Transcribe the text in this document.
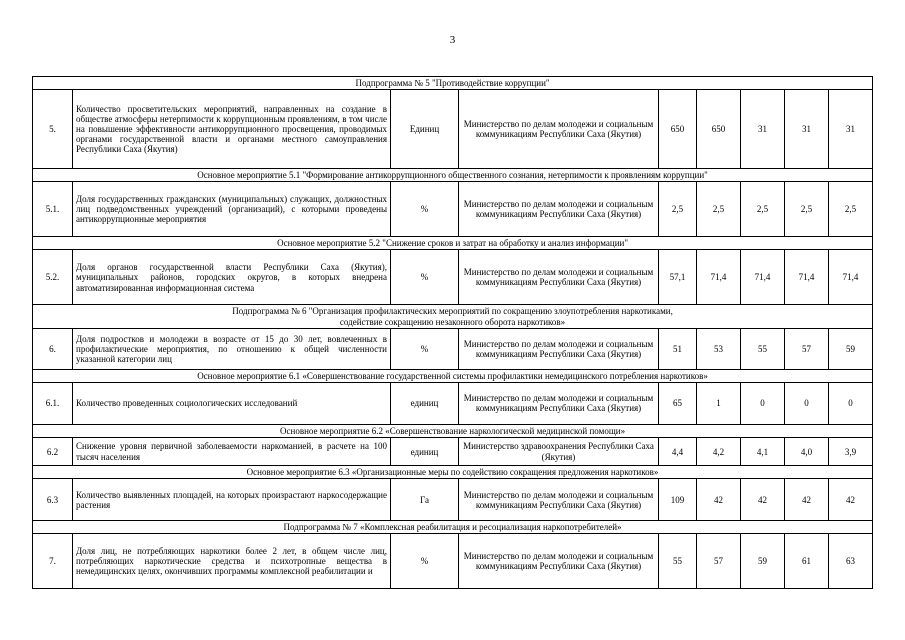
3
Подпрограмма № 5 "Противодействие коррупции"								
5.	Количество просветительских мероприятий, направленных на создание в обществе атмосферы нетерпимости к коррупционным проявлениям, в том числе на повышение эффективности антикоррупционного просвещения, проводимых органами государственной власти и органами местного самоуправления Республики Саха (Якутия)	Единиц	Министерство по делам молодежи и социальным коммуникациям Республики Саха (Якутия)	650	650	31	31	31
Основное мероприятие 5.1 "Формирование антикоррупционного общественного сознания, нетерпимости к проявлениям коррупции"								
5.1.	Доля государственных гражданских (муниципальных) служащих, должностных лиц подведомственных учреждений (организаций), с которыми проведены антикоррупционные мероприятия	%	Министерство по делам молодежи и социальным коммуникациям Республики Саха (Якутия)	2,5	2,5	2,5	2,5	2,5
Основное мероприятие 5.2 "Снижение сроков и затрат на обработку и анализ информации"								
5.2.	Доля органов государственной власти Республики Саха (Якутия), муниципальных районов, городских округов, в которых внедрена автоматизированная информационная система	%	Министерство по делам молодежи и социальным коммуникациям Республики Саха (Якутия)	57,1	71,4	71,4	71,4	71,4

Подпрограмма № 6 "Организация профилактических мероприятий по сокращению злоупотребления наркотиками,
содействие сокращению незаконного оборота наркотиков»								

6.	Доля подростков и молодежи в возрасте от 15 до 30 лет, вовлеченных в профилактические мероприятия, по отношению к общей численности указанной категории лиц	%	Министерство по делам молодежи и социальным коммуникациям Республики Саха (Якутия)	51	53	55	57	59
Основное мероприятие 6.1 «Совершенствование государственной системы профилактики немедицинского потребления наркотиков»								
6.1.	Количество проведенных социологических исследований	единиц	Министерство по делам молодежи и социальным коммуникациям Республики Саха (Якутия)	65	1	0	0	0
Основное мероприятие 6.2 «Совершенствование наркологической медицинской помощи»								
6.2	Снижение уровня первичной заболеваемости наркоманией, в расчете на 100 тысяч населения	единиц	Министерство здравоохранения Республики Саха (Якутия)	4,4	4,2	4,1	4,0	3,9
Основное мероприятие 6.3 «Организационные меры по содействию сокращения предложения наркотиков»								
6.3	Количество выявленных площадей, на которых произрастают наркосодержащие растения	Га	Министерство по делам молодежи и социальным коммуникациям Республики Саха (Якутия)	109	42	42	42	42
Подпрограмма № 7 «Комплексная реабилитация и ресоциализация наркопотребителей»								
7.	Доля лиц, не потребляющих наркотики более 2 лет, в общем числе лиц, потребляющих наркотические средства и психотропные вещества в немедицинских целях, окончивших программы комплексной реабилитации и	%	Министерство по делам молодежи и социальным коммуникациям Республики Саха (Якутия)	55	57	59	61	63
